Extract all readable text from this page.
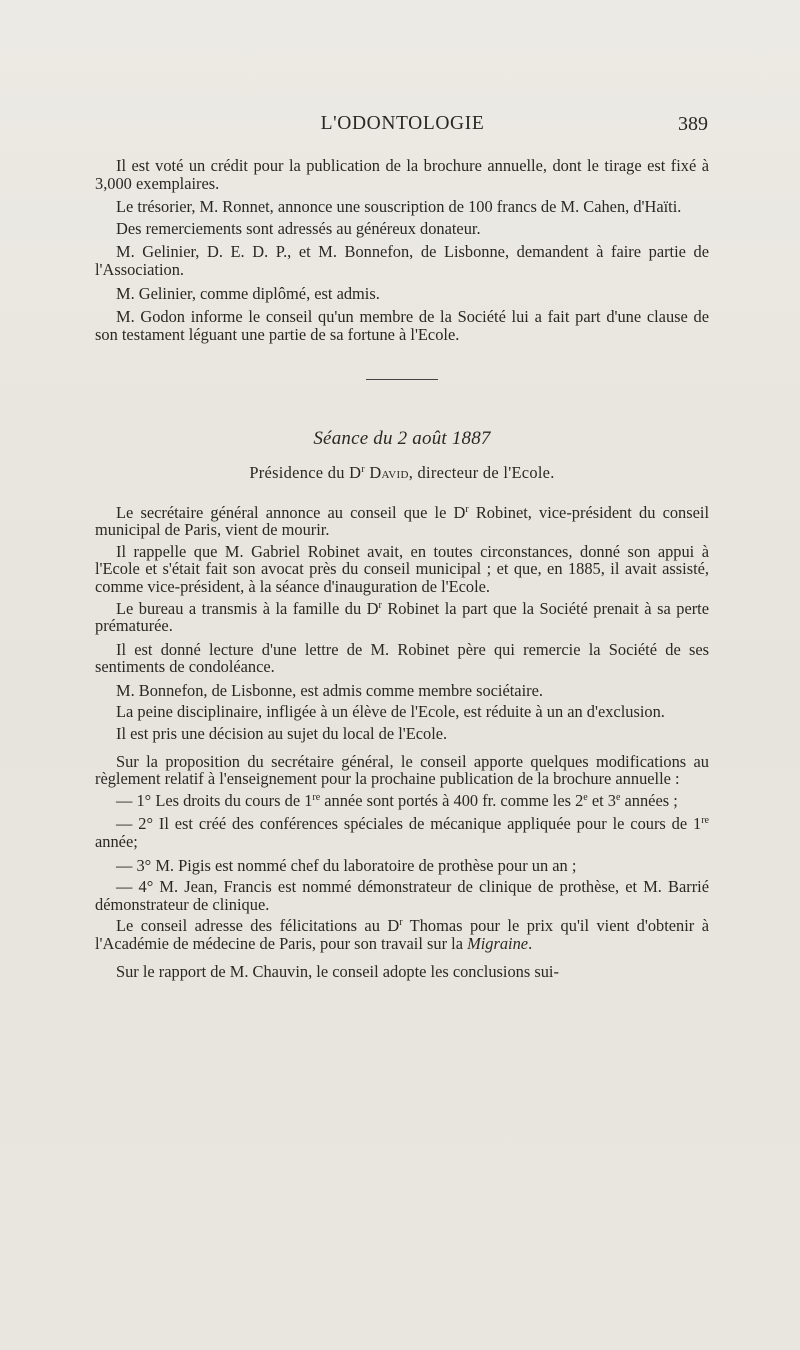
L'ODONTOLOGIE	389

Il est voté un crédit pour la publication de la brochure annuelle, dont le tirage est fixé à 3,000 exemplaires.

Le trésorier, M. Ronnet, annonce une souscription de 100 francs de M. Cahen, d'Haïti.

Des remerciements sont adressés au généreux donateur.

M. Gelinier, D. E. D. P., et M. Bonnefon, de Lisbonne, demandent à faire partie de l'Association.

M. Gelinier, comme diplômé, est admis.

M. Godon informe le conseil qu'un membre de la Société lui a fait part d'une clause de son testament léguant une partie de sa fortune à l'Ecole.

Séance du 2 août 1887
Présidence du $D^r$ David, directeur de l'Ecole.

Le secrétaire général annonce au conseil que le $D^r$ Robinet, vice-président du conseil municipal de Paris, vient de mourir.

Il rappelle que M. Gabriel Robinet avait, en toutes circonstances, donné son appui à l'Ecole et s'était fait son avocat près du conseil municipal ; et que, en 1885, il avait assisté, comme vice-président, à la séance d'inauguration de l'Ecole.

Le bureau a transmis à la famille du $D^r$ Robinet la part que la Société prenait à sa perte prématurée.

Il est donné lecture d'une lettre de M. Robinet père qui remercie la Société de ses sentiments de condoléance.

M. Bonnefon, de Lisbonne, est admis comme membre sociétaire.

La peine disciplinaire, infligée à un élève de l'Ecole, est réduite à un an d'exclusion.

Il est pris une décision au sujet du local de l'Ecole.

Sur la proposition du secrétaire général, le conseil apporte quelques modifications au règlement relatif à l'enseignement pour la prochaine publication de la brochure annuelle :

— 1° Les droits du cours de 1re année sont portés à 400 fr. comme les 2e et 3e années ;

— 2° Il est créé des conférences spéciales de mécanique appliquée pour le cours de 1re année;

— 3° M. Pigis est nommé chef du laboratoire de prothèse pour un an ;

— 4° M. Jean, Francis est nommé démonstrateur de clinique de prothèse, et M. Barrié démonstrateur de clinique.

Le conseil adresse des félicitations au $D^r$ Thomas pour le prix qu'il vient d'obtenir à l'Académie de médecine de Paris, pour son travail sur la Migraine.

Sur le rapport de M. Chauvin, le conseil adopte les conclusions sui-
